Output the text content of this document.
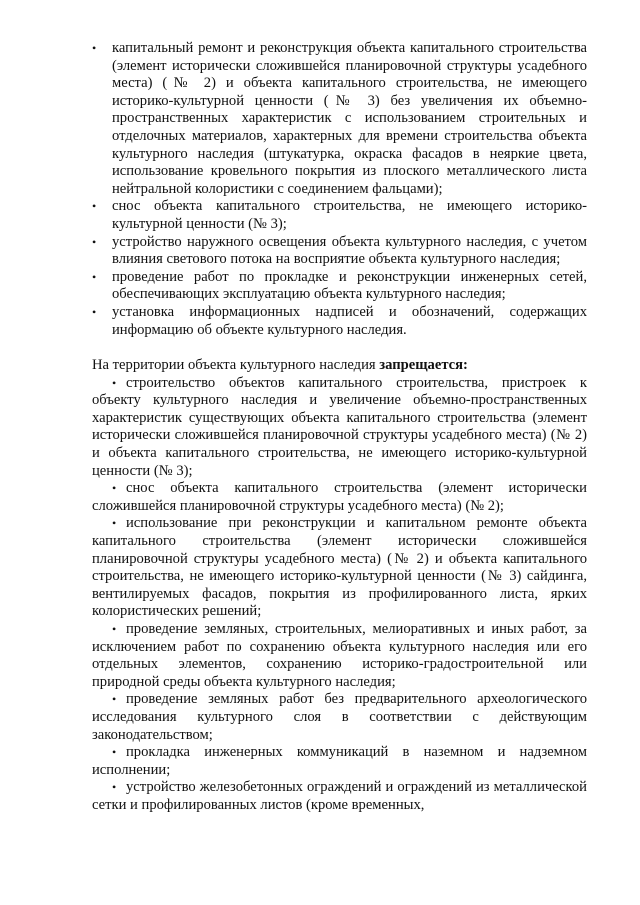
•	капитальный ремонт и реконструкция объекта капитального строительства (элемент исторически сложившейся планировочной структуры усадебного места) (№ 2) и объекта капитального строительства, не имеющего историко-культурной ценности (№ 3) без увеличения их объемно-пространственных характеристик с использованием строительных и отделочных материалов, характерных для времени строительства объекта культурного наследия (штукатурка, окраска фасадов в неяркие цвета, использование кровельного покрытия из плоского металлического листа нейтральной колористики с соединением фальцами);
•	снос объекта капитального строительства, не имеющего историко-культурной ценности (№ 3);
•	устройство наружного освещения объекта культурного наследия, с учетом влияния светового потока на восприятие объекта культурного наследия;
•	проведение работ по прокладке и реконструкции инженерных сетей, обеспечивающих эксплуатацию объекта культурного наследия;
•	установка информационных надписей и обозначений, содержащих информацию об объекте культурного наследия.

На территории объекта культурного наследия запрещается:

• строительство объектов капитального строительства, пристроек к объекту культурного наследия и увеличение объемно-пространственных характеристик существующих объекта капитального строительства (элемент исторически сложившейся планировочной структуры усадебного места) (№ 2) и объекта капитального строительства, не имеющего историко-культурной ценности (№ 3);
• снос объекта капитального строительства (элемент исторически сложившейся планировочной структуры усадебного места) (№ 2);
• использование при реконструкции и капитальном ремонте объекта капитального строительства (элемент исторически сложившейся планировочной структуры усадебного места) (№ 2) и объекта капитального строительства, не имеющего историко-культурной ценности (№ 3) сайдинга, вентилируемых фасадов, покрытия из профилированного листа, ярких колористических решений;
• проведение земляных, строительных, мелиоративных и иных работ, за исключением работ по сохранению объекта культурного наследия или его отдельных элементов, сохранению историко-градостроительной или природной среды объекта культурного наследия;
• проведение земляных работ без предварительного археологического исследования культурного слоя в соответствии с действующим законодательством;
• прокладка инженерных коммуникаций в наземном и надземном исполнении;
• устройство железобетонных ограждений и ограждений из металлической сетки и профилированных листов (кроме временных,
